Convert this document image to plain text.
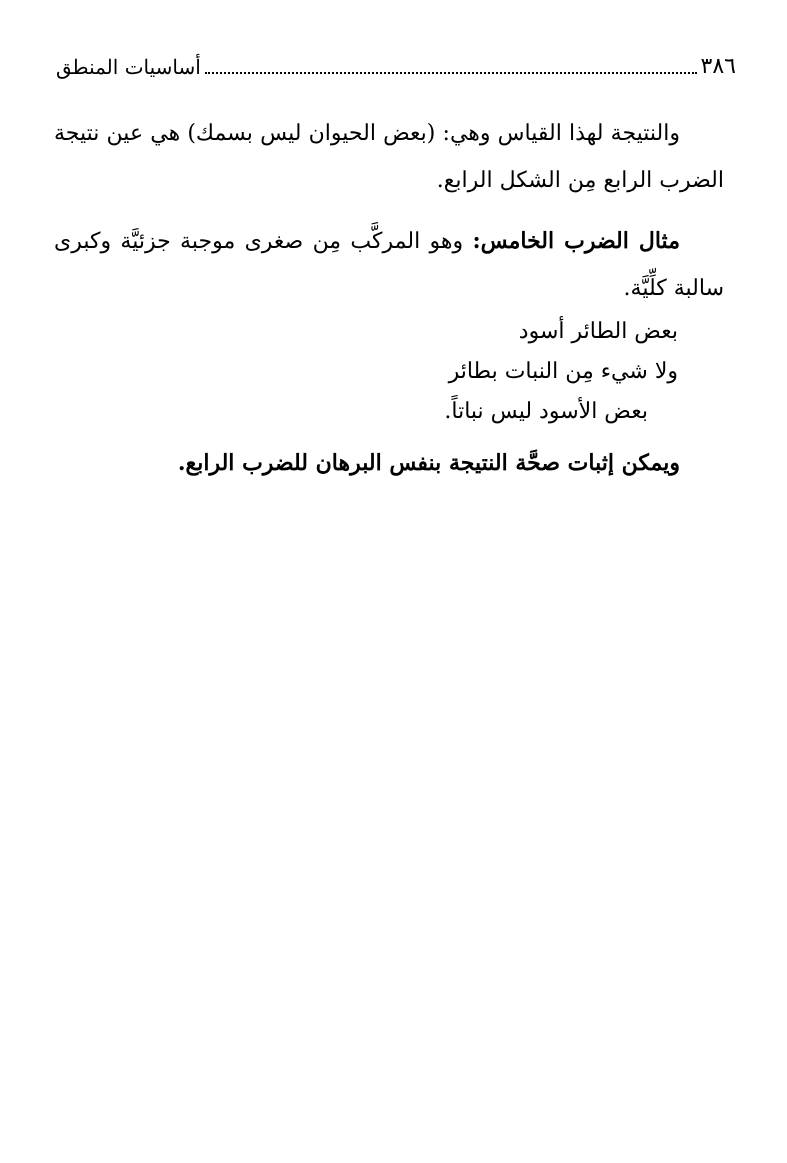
٣٨٦
أساسيات المنطق

والنتيجة لهذا القياس وهي: (بعض الحيوان ليس بسمك) هي عين نتيجة الضرب الرابع مِن الشكل الرابع.

مثال الضرب الخامس: وهو المركَّب مِن صغرى موجبة جزئيَّة وكبرى سالبة كلِّيَّة.

بعض الطائر أسود
ولا شيء مِن النبات بطائر
بعض الأسود ليس نباتاً.

ويمكن إثبات صحَّة النتيجة بنفس البرهان للضرب الرابع.
